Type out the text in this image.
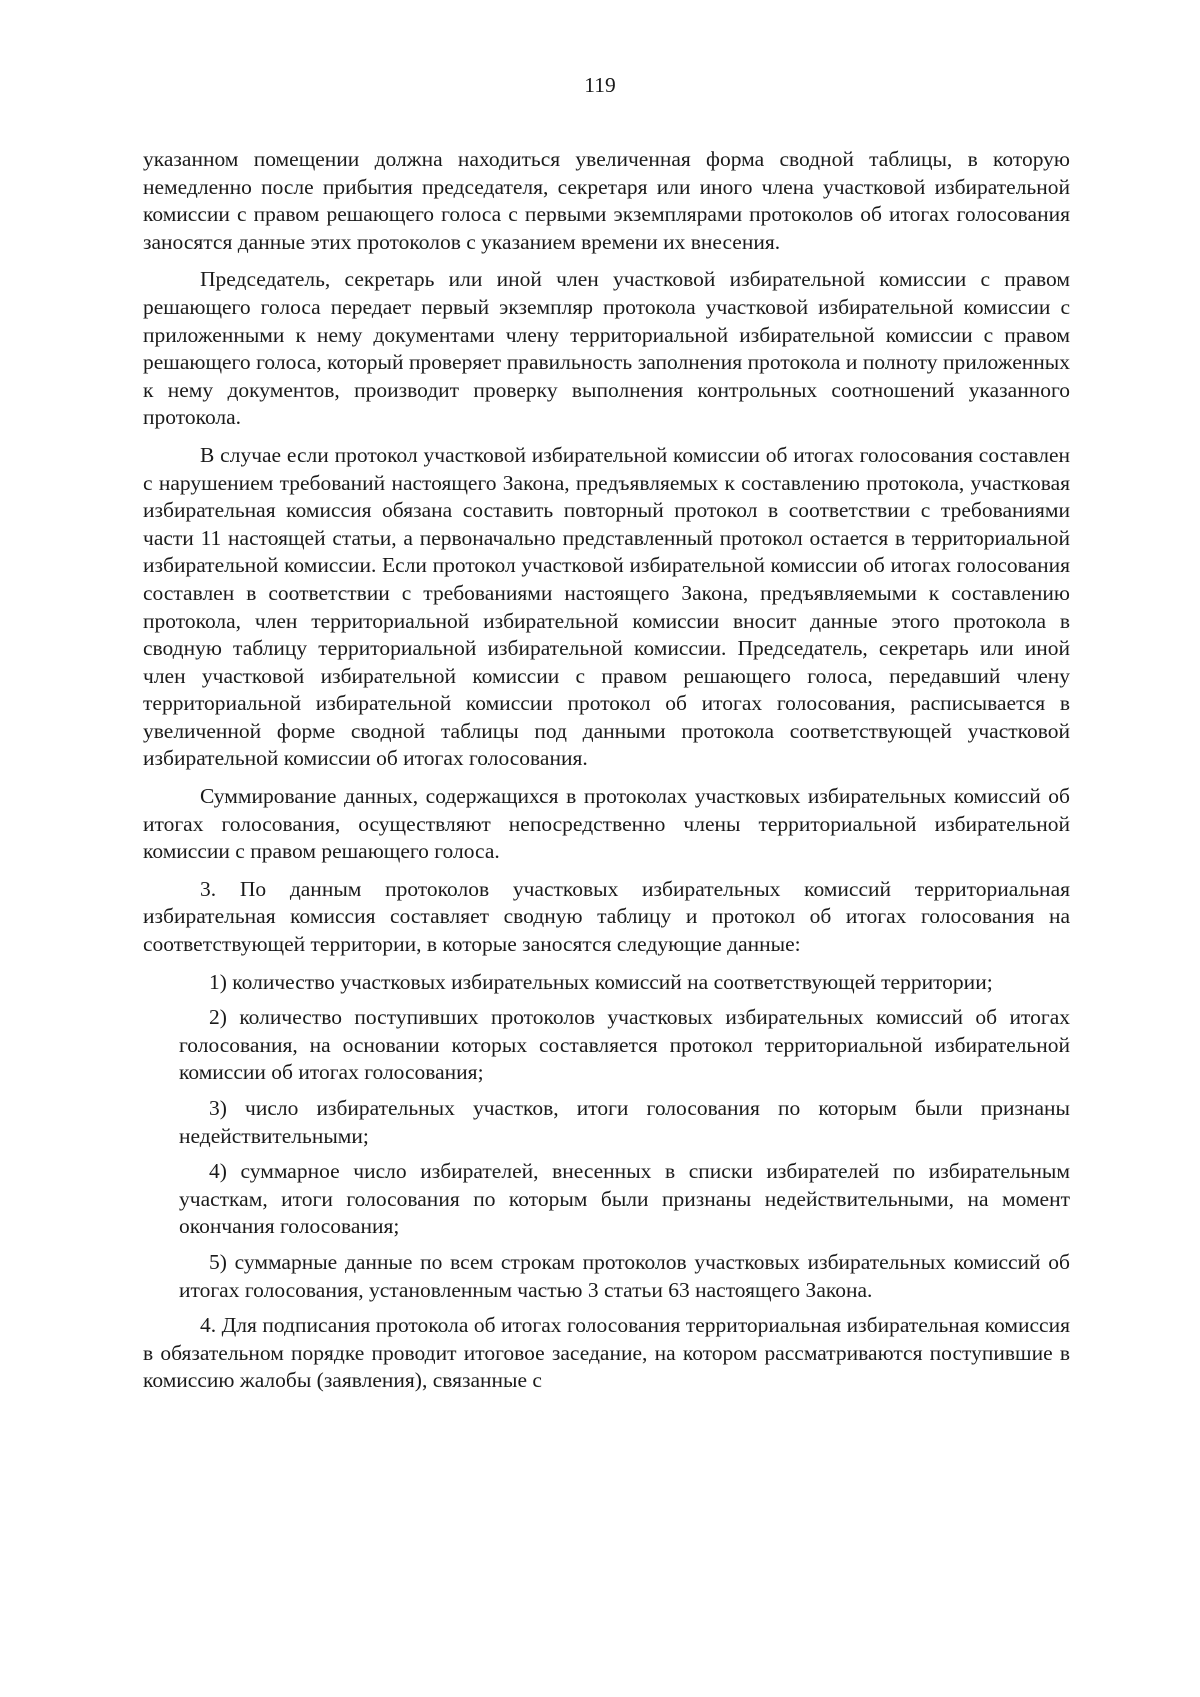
119

указанном помещении должна находиться увеличенная форма сводной таблицы, в которую немедленно после прибытия председателя, секретаря или иного члена участковой избирательной комиссии с правом решающего голоса с первыми экземплярами протоколов об итогах голосования заносятся данные этих протоколов с указанием времени их внесения.

Председатель, секретарь или иной член участковой избирательной комиссии с правом решающего голоса передает первый экземпляр протокола участковой избирательной комиссии с приложенными к нему документами члену территориальной избирательной комиссии с правом решающего голоса, который проверяет правильность заполнения протокола и полноту приложенных к нему документов, производит проверку выполнения контрольных соотношений указанного протокола.

В случае если протокол участковой избирательной комиссии об итогах голосования составлен с нарушением требований настоящего Закона, предъявляемых к составлению протокола, участковая избирательная комиссия обязана составить повторный протокол в соответствии с требованиями части 11 настоящей статьи, а первоначально представленный протокол остается в территориальной избирательной комиссии. Если протокол участковой избирательной комиссии об итогах голосования составлен в соответствии с требованиями настоящего Закона, предъявляемыми к составлению протокола, член территориальной избирательной комиссии вносит данные этого протокола в сводную таблицу территориальной избирательной комиссии. Председатель, секретарь или иной член участковой избирательной комиссии с правом решающего голоса, передавший члену территориальной избирательной комиссии протокол об итогах голосования, расписывается в увеличенной форме сводной таблицы под данными протокола соответствующей участковой избирательной комиссии об итогах голосования.

Суммирование данных, содержащихся в протоколах участковых избирательных комиссий об итогах голосования, осуществляют непосредственно члены территориальной избирательной комиссии с правом решающего голоса.

3. По данным протоколов участковых избирательных комиссий территориальная избирательная комиссия составляет сводную таблицу и протокол об итогах голосования на соответствующей территории, в которые заносятся следующие данные:

1) количество участковых избирательных комиссий на соответствующей территории;
2) количество поступивших протоколов участковых избирательных комиссий об итогах голосования, на основании которых составляется протокол территориальной избирательной комиссии об итогах голосования;
3) число избирательных участков, итоги голосования по которым были признаны недействительными;
4) суммарное число избирателей, внесенных в списки избирателей по избирательным участкам, итоги голосования по которым были признаны недействительными, на момент окончания голосования;
5) суммарные данные по всем строкам протоколов участковых избирательных комиссий об итогах голосования, установленным частью 3 статьи 63 настоящего Закона.

4. Для подписания протокола об итогах голосования территориальная избирательная комиссия в обязательном порядке проводит итоговое заседание, на котором рассматриваются поступившие в комиссию жалобы (заявления), связанные с
